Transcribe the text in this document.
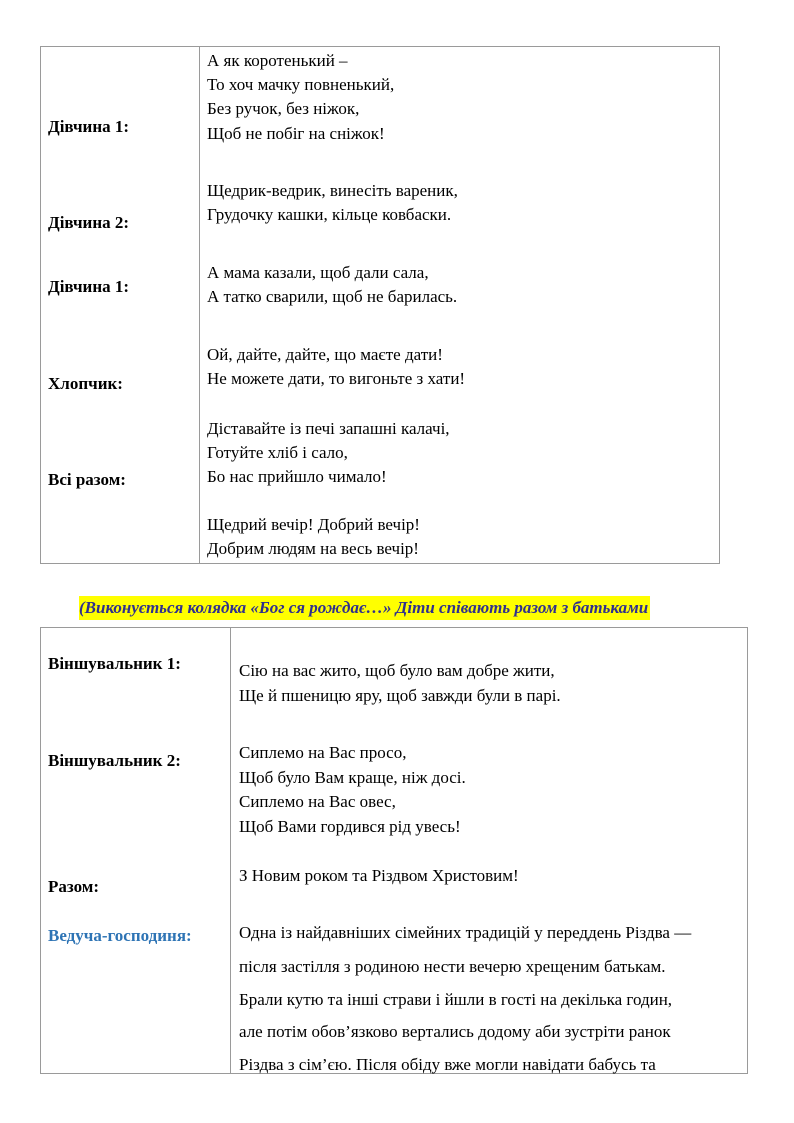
Дівчина 1:
Дівчина 2:
Дівчина 1:
Хлопчик:
Всі разом:
А як коротенький –
То хоч мачку повненький,
Без ручок, без ніжок,
Щоб не побіг на сніжок!
Щедрик-ведрик, винесіть вареник,
Грудочку кашки, кільце ковбаски.
А мама казали, щоб дали сала,
А татко сварили, щоб не барилась.
Ой, дайте, дайте, що маєте дати!
Не можете дати, то вигоньте з хати!
Діставайте із печі запашні калачі,
Готуйте хліб і сало,
Бо нас прийшло чимало!
Щедрий вечір! Добрий вечір!
Добрим людям на весь вечір!
(Виконується колядка «Бог ся рождає…» Діти співають разом з батьками
Віншувальник 1:
Віншувальник 2:
Разом:
Ведуча-господиня:
Сію на вас жито, щоб було вам добре жити,
Ще й пшеницю яру, щоб завжди були в парі.
Сиплемо на Вас просо,
Щоб було Вам краще, ніж досі.
Сиплемо на Вас овес,
Щоб Вами гордився рід увесь!
З Новим роком та Різдвом Христовим!
Одна із найдавніших сімейних традицій у переддень Різдва —
після застілля з родиною нести вечерю хрещеним батькам.
Брали кутю та інші страви і йшли в гості на декілька годин,
але потім обов’язково вертались додому аби зустріти ранок
Різдва з сім’єю. Після обіду вже могли навідати бабусь та
